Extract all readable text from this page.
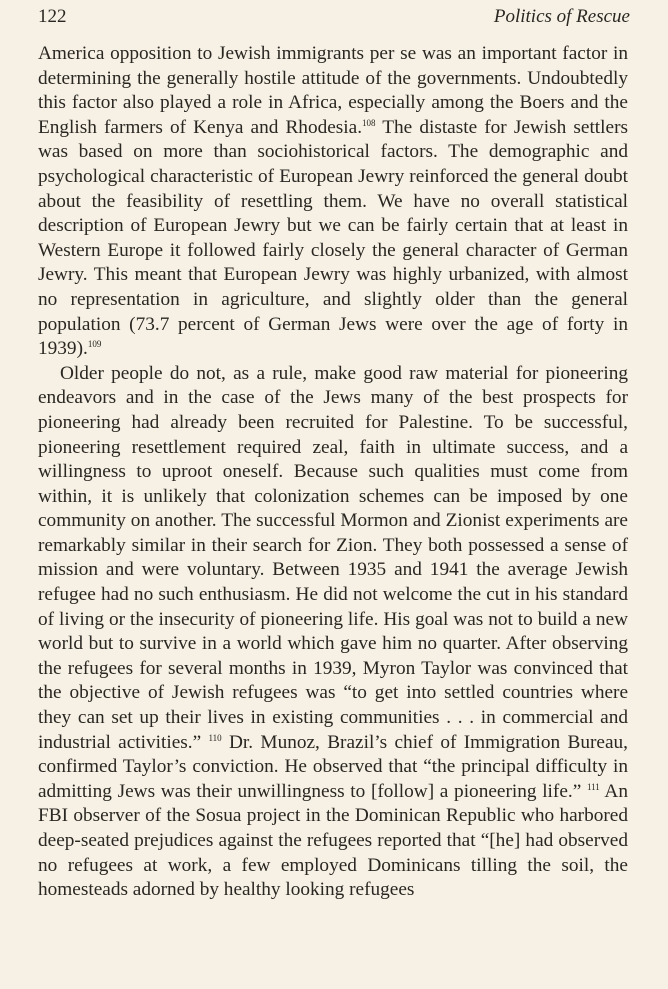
122	Politics of Rescue

America opposition to Jewish immigrants per se was an important factor in determining the generally hostile attitude of the governments. Undoubtedly this factor also played a role in Africa, especially among the Boers and the English farmers of Kenya and Rhodesia.$^{108}$ The distaste for Jewish settlers was based on more than sociohistorical factors. The demographic and psychological characteristic of European Jewry reinforced the general doubt about the feasibility of resettling them. We have no overall statistical description of European Jewry but we can be fairly certain that at least in Western Europe it followed fairly closely the general character of German Jewry. This meant that European Jewry was highly urbanized, with almost no representation in agriculture, and slightly older than the general population (73.7 percent of German Jews were over the age of forty in 1939).$^{109}$

Older people do not, as a rule, make good raw material for pioneering endeavors and in the case of the Jews many of the best prospects for pioneering had already been recruited for Palestine. To be successful, pioneering resettlement required zeal, faith in ultimate success, and a willingness to uproot oneself. Because such qualities must come from within, it is unlikely that colonization schemes can be imposed by one community on another. The successful Mormon and Zionist experiments are remarkably similar in their search for Zion. They both possessed a sense of mission and were voluntary. Between 1935 and 1941 the average Jewish refugee had no such enthusiasm. He did not welcome the cut in his standard of living or the insecurity of pioneering life. His goal was not to build a new world but to survive in a world which gave him no quarter. After observing the refugees for several months in 1939, Myron Taylor was convinced that the objective of Jewish refugees was “to get into settled countries where they can set up their lives in existing communities . . . in commercial and industrial activities.” $^{110}$ Dr. Munoz, Brazil’s chief of Immigration Bureau, confirmed Taylor’s conviction. He observed that “the principal difficulty in admitting Jews was their unwillingness to [follow] a pioneering life.” $^{111}$ An FBI observer of the Sosua project in the Dominican Republic who harbored deep-seated prejudices against the refugees reported that “[he] had observed no refugees at work, a few employed Dominicans tilling the soil, the homesteads adorned by healthy looking refugees
